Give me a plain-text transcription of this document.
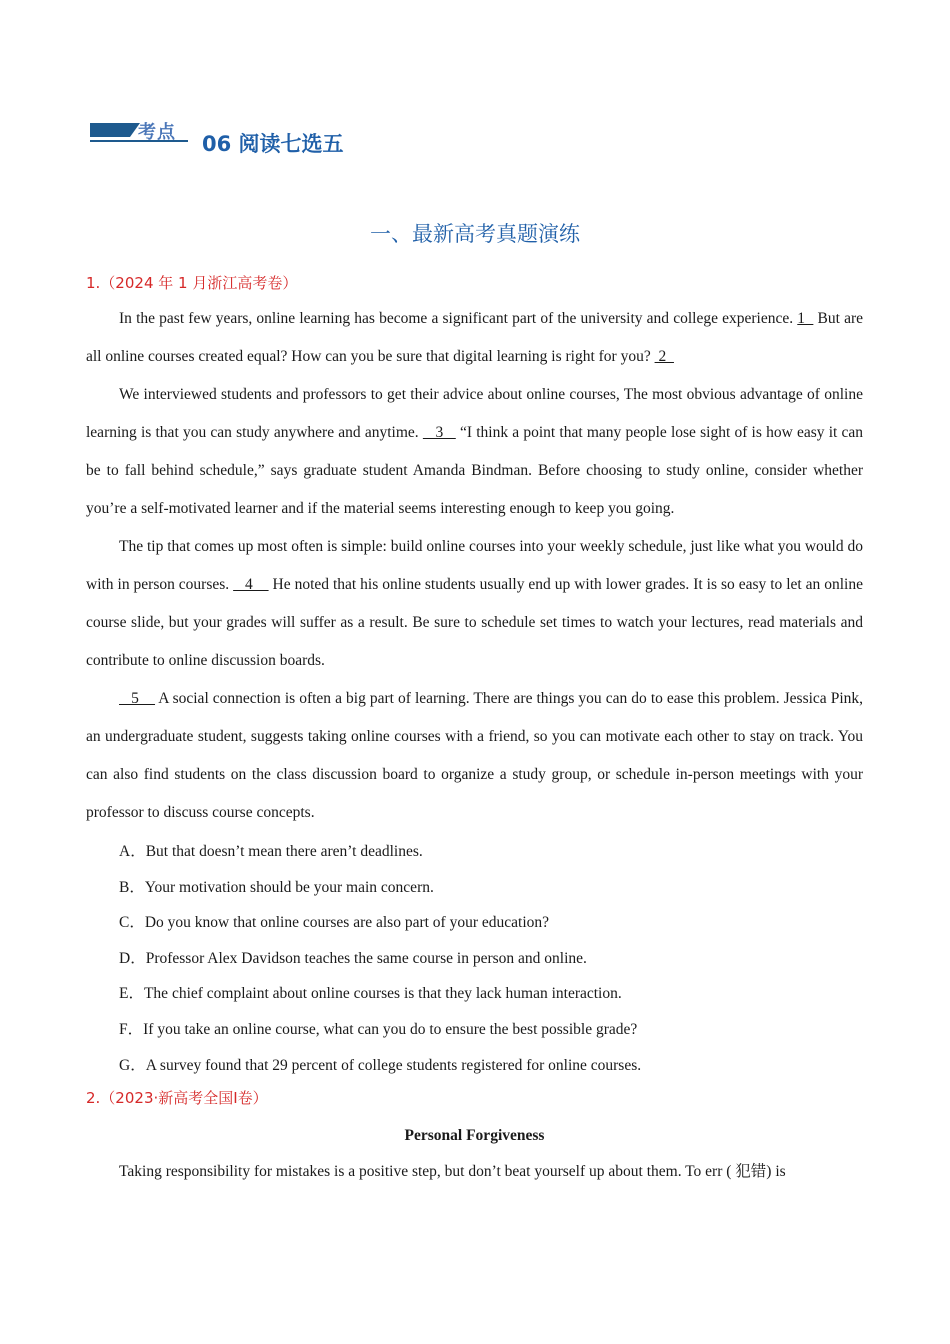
考点 06 阅读七选五
一、最新高考真题演练
1.（2024 年 1 月浙江高考卷）

In the past few years, online learning has become a significant part of the university and college experience. 1   But are all online courses created equal? How can you be sure that digital learning is right for you?  2

We interviewed students and professors to get their advice about online courses, The most obvious advantage of online learning is that you can study anywhere and anytime.    3    “I think a point that many people lose sight of is how easy it can be to fall behind schedule,” says graduate student Amanda Bindman. Before choosing to study online, consider whether you’re a self-motivated learner and if the material seems interesting enough to keep you going.

The tip that comes up most often is simple: build online courses into your weekly schedule, just like what you would do with in person courses.    4     He noted that his online students usually end up with lower grades. It is so easy to let an online course slide, but your grades will suffer as a result. Be sure to schedule set times to watch your lectures, read materials and contribute to online discussion boards.

5     A social connection is often a big part of learning. There are things you can do to ease this problem. Jessica Pink, an undergraduate student, suggests taking online courses with a friend, so you can motivate each other to stay on track. You can also find students on the class discussion board to organize a study group, or schedule in-person meetings with your professor to discuss course concepts.

A．But that doesn’t mean there aren’t deadlines.
B．Your motivation should be your main concern.
C．Do you know that online courses are also part of your education?
D．Professor Alex Davidson teaches the same course in person and online.
E．The chief complaint about online courses is that they lack human interaction.
F．If you take an online course, what can you do to ensure the best possible grade?
G．A survey found that 29 percent of college students registered for online courses.
2.（2023·新高考全国Ⅰ卷）
Personal Forgiveness

Taking responsibility for mistakes is a positive step, but don’t beat yourself up about them. To err ( 犯错) is
